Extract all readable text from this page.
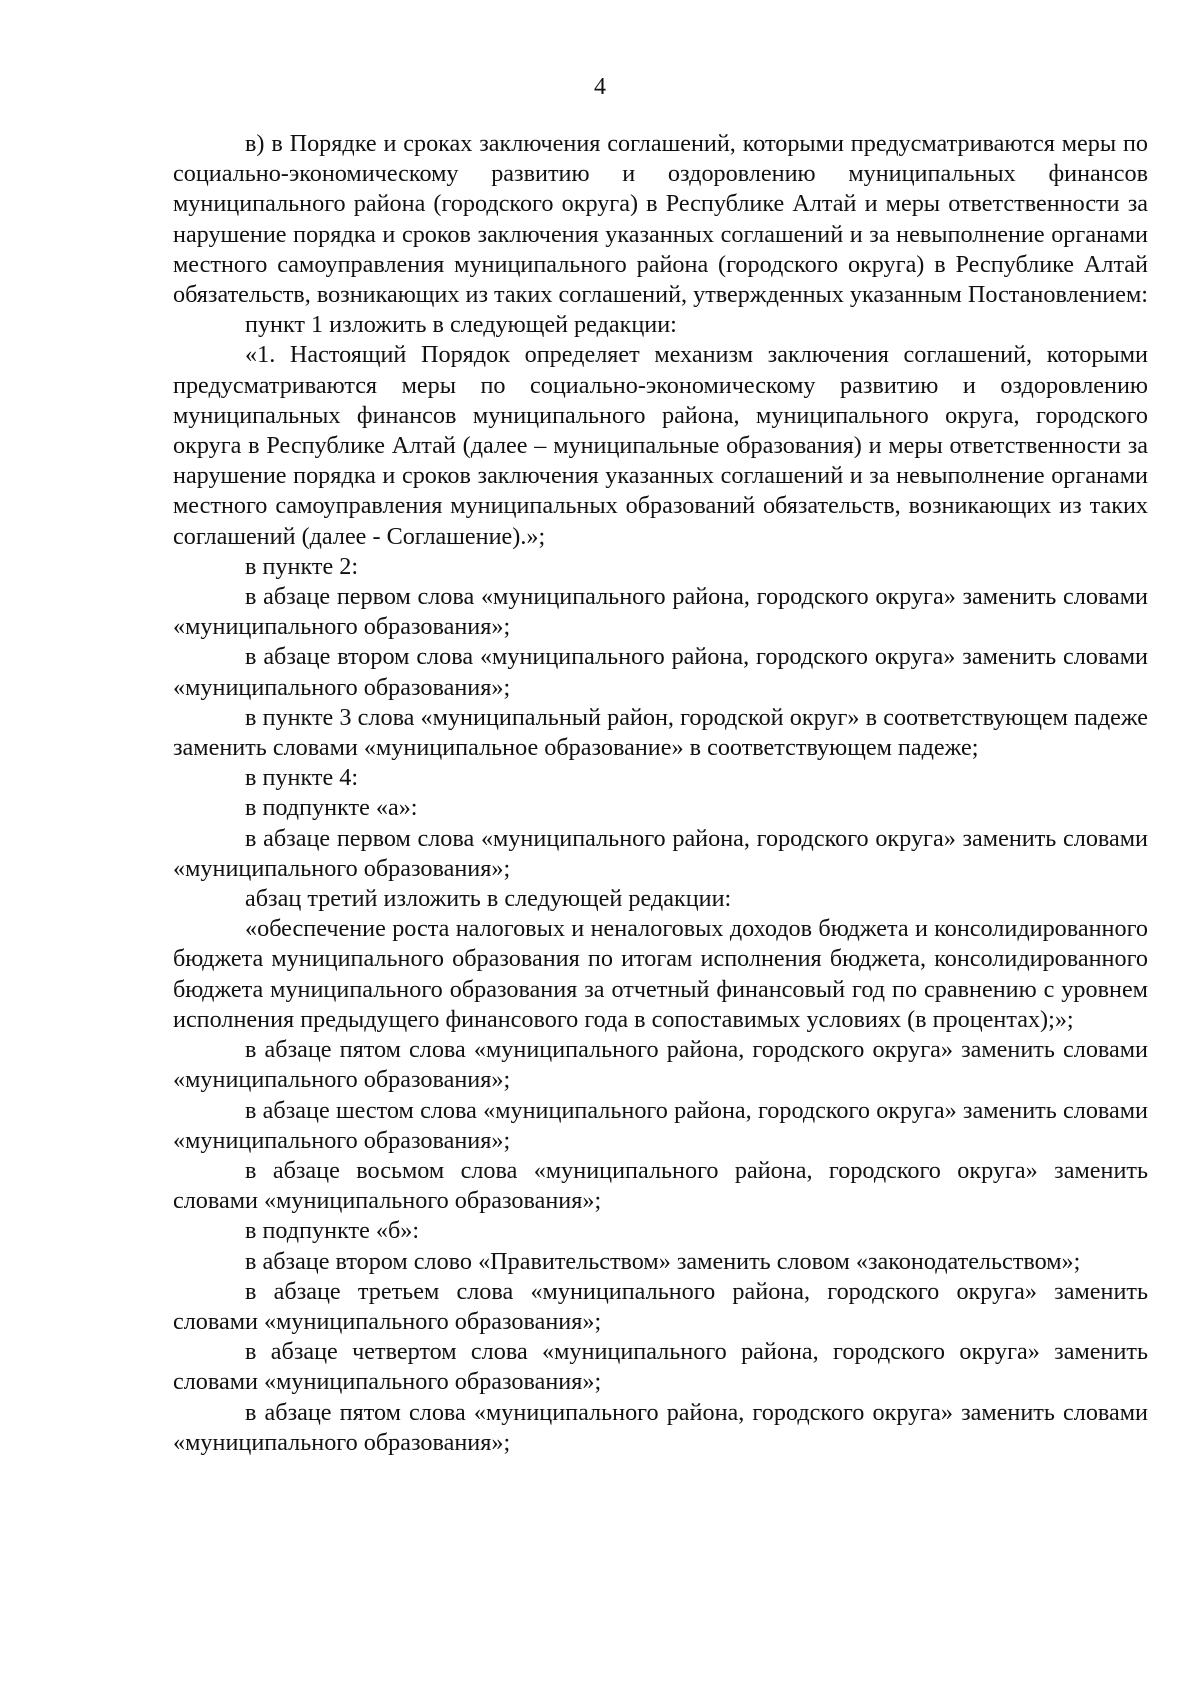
4

в) в Порядке и сроках заключения соглашений, которыми предусматриваются меры по социально-экономическому развитию и оздоровлению муниципальных финансов муниципального района (городского округа) в Республике Алтай и меры ответственности за нарушение порядка и сроков заключения указанных соглашений и за невыполнение органами местного самоуправления муниципального района (городского округа) в Республике Алтай обязательств, возникающих из таких соглашений, утвержденных указанным Постановлением:

пункт 1 изложить в следующей редакции:

«1. Настоящий Порядок определяет механизм заключения соглашений, которыми предусматриваются меры по социально-экономическому развитию и оздоровлению муниципальных финансов муниципального района, муниципального округа, городского округа в Республике Алтай (далее – муниципальные образования) и меры ответственности за нарушение порядка и сроков заключения указанных соглашений и за невыполнение органами местного самоуправления муниципальных образований обязательств, возникающих из таких соглашений (далее - Соглашение).»;

в пункте 2:

в абзаце первом слова «муниципального района, городского округа» заменить словами «муниципального образования»;

в абзаце втором слова «муниципального района, городского округа» заменить словами «муниципального образования»;

в пункте 3 слова «муниципальный район, городской округ» в соответствующем падеже заменить словами «муниципальное образование» в соответствующем падеже;

в пункте 4:

в подпункте «а»:

в абзаце первом слова «муниципального района, городского округа» заменить словами «муниципального образования»;

абзац третий изложить в следующей редакции:

«обеспечение роста налоговых и неналоговых доходов бюджета и консолидированного бюджета муниципального образования по итогам исполнения бюджета, консолидированного бюджета муниципального образования за отчетный финансовый год по сравнению с уровнем исполнения предыдущего финансового года в сопоставимых условиях (в процентах);»;

в абзаце пятом слова «муниципального района, городского округа» заменить словами «муниципального образования»;

в абзаце шестом слова «муниципального района, городского округа» заменить словами «муниципального образования»;

в абзаце восьмом слова «муниципального района, городского округа» заменить словами «муниципального образования»;

в подпункте «б»:

в абзаце втором слово «Правительством» заменить словом «законодательством»;

в абзаце третьем слова «муниципального района, городского округа» заменить словами «муниципального образования»;

в абзаце четвертом слова «муниципального района, городского округа» заменить словами «муниципального образования»;

в абзаце пятом слова «муниципального района, городского округа» заменить словами «муниципального образования»;
